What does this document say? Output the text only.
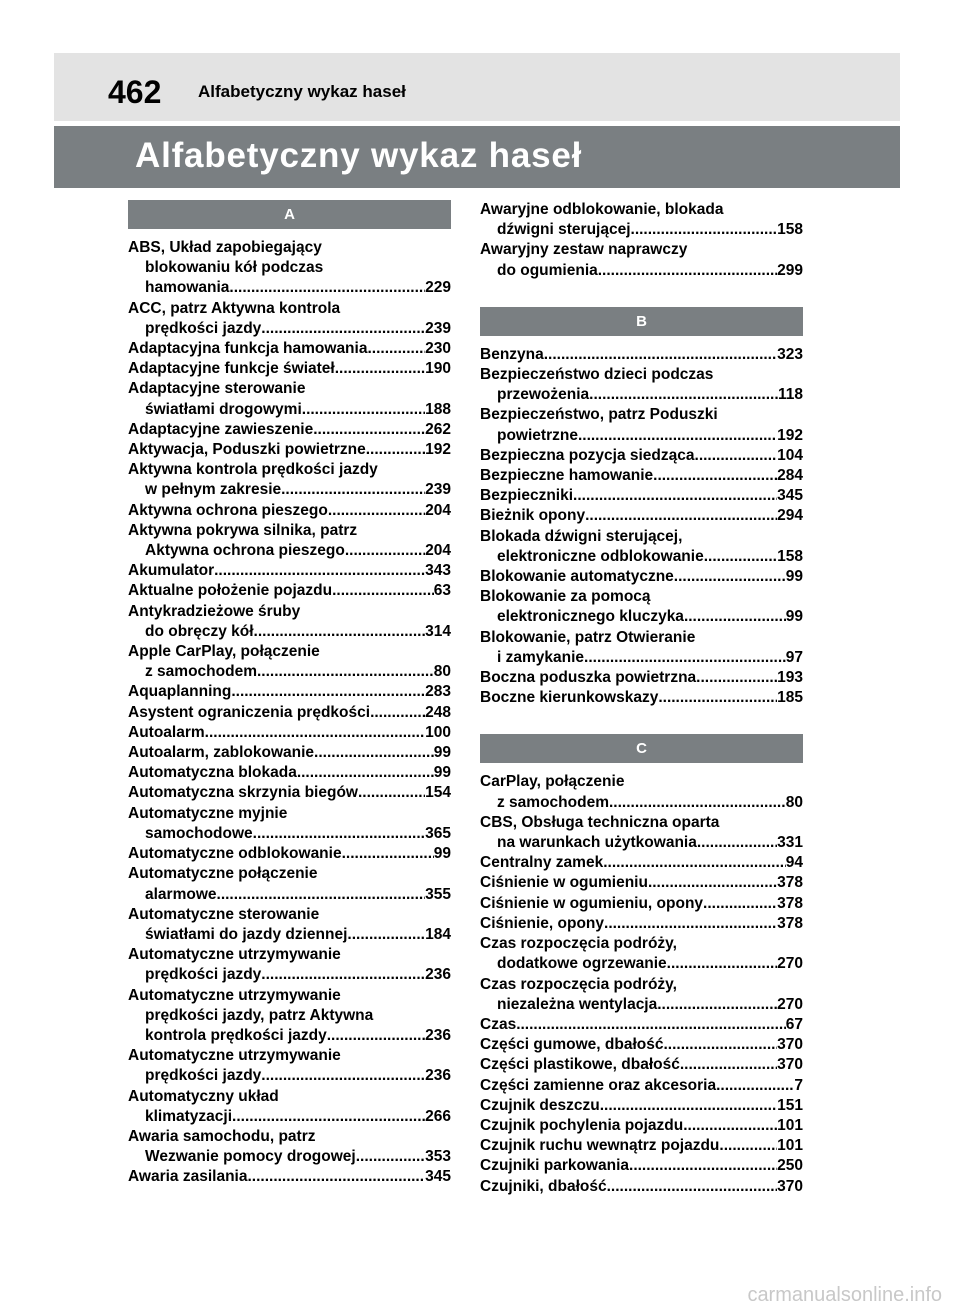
462 Alfabetyczny wykaz haseł
Alfabetyczny wykaz haseł
A
ABS, Układ zapobiegający
blokowaniu kół podczas
hamowania .....	229
ACC, patrz Aktywna kontrola
prędkości jazdy .....	239
Adaptacyjna funkcja hamowania .....	230
Adaptacyjne funkcje świateł .....	190
Adaptacyjne sterowanie
światłami drogowymi .....	188
Adaptacyjne zawieszenie .....	262
Aktywacja, Poduszki powietrzne .....	192
Aktywna kontrola prędkości jazdy
w pełnym zakresie .....	239
Aktywna ochrona pieszego .....	204
Aktywna pokrywa silnika, patrz
Aktywna ochrona pieszego .....	204
Akumulator .....	343
Aktualne położenie pojazdu .....	63
Antykradzieżowe śruby
do obręczy kół .....	314
Apple CarPlay, połączenie
z samochodem .....	80
Aquaplanning .....	283
Asystent ograniczenia prędkości .....	248
Autoalarm .....	100
Autoalarm, zablokowanie .....	99
Automatyczna blokada .....	99
Automatyczna skrzynia biegów .....	154
Automatyczne myjnie
samochodowe .....	365
Automatyczne odblokowanie .....	99
Automatyczne połączenie
alarmowe .....	355
Automatyczne sterowanie
światłami do jazdy dziennej .....	184
Automatyczne utrzymywanie
prędkości jazdy .....	236
Automatyczne utrzymywanie
prędkości jazdy, patrz Aktywna
kontrola prędkości jazdy .....	236
Automatyczne utrzymywanie
prędkości jazdy .....	236
Automatyczny układ
klimatyzacji .....	266
Awaria samochodu, patrz
Wezwanie pomocy drogowej .....	353
Awaria zasilania .....	345
Awaryjne odblokowanie, blokada
dźwigni sterującej .....	158
Awaryjny zestaw naprawczy
do ogumienia .....	299
B
Benzyna .....	323
Bezpieczeństwo dzieci podczas
przewożenia .....	118
Bezpieczeństwo, patrz Poduszki
powietrzne .....	192
Bezpieczna pozycja siedząca .....	104
Bezpieczne hamowanie .....	284
Bezpieczniki .....	345
Bieżnik opony .....	294
Blokada dźwigni sterującej,
elektroniczne odblokowanie .....	158
Blokowanie automatyczne .....	99
Blokowanie za pomocą
elektronicznego kluczyka .....	99
Blokowanie, patrz Otwieranie
i zamykanie .....	97
Boczna poduszka powietrzna .....	193
Boczne kierunkowskazy .....	185
C
CarPlay, połączenie
z samochodem .....	80
CBS, Obsługa techniczna oparta
na warunkach użytkowania .....	331
Centralny zamek .....	94
Ciśnienie w ogumieniu .....	378
Ciśnienie w ogumieniu, opony .....	378
Ciśnienie, opony .....	378
Czas rozpoczęcia podróży,
dodatkowe ogrzewanie .....	270
Czas rozpoczęcia podróży,
niezależna wentylacja .....	270
Czas .....	67
Części gumowe, dbałość .....	370
Części plastikowe, dbałość .....	370
Części zamienne oraz akcesoria .....	7
Czujnik deszczu .....	151
Czujnik pochylenia pojazdu .....	101
Czujnik ruchu wewnątrz pojazdu .....	101
Czujniki parkowania .....	250
Czujniki, dbałość .....	370
carmanualsonline.info
